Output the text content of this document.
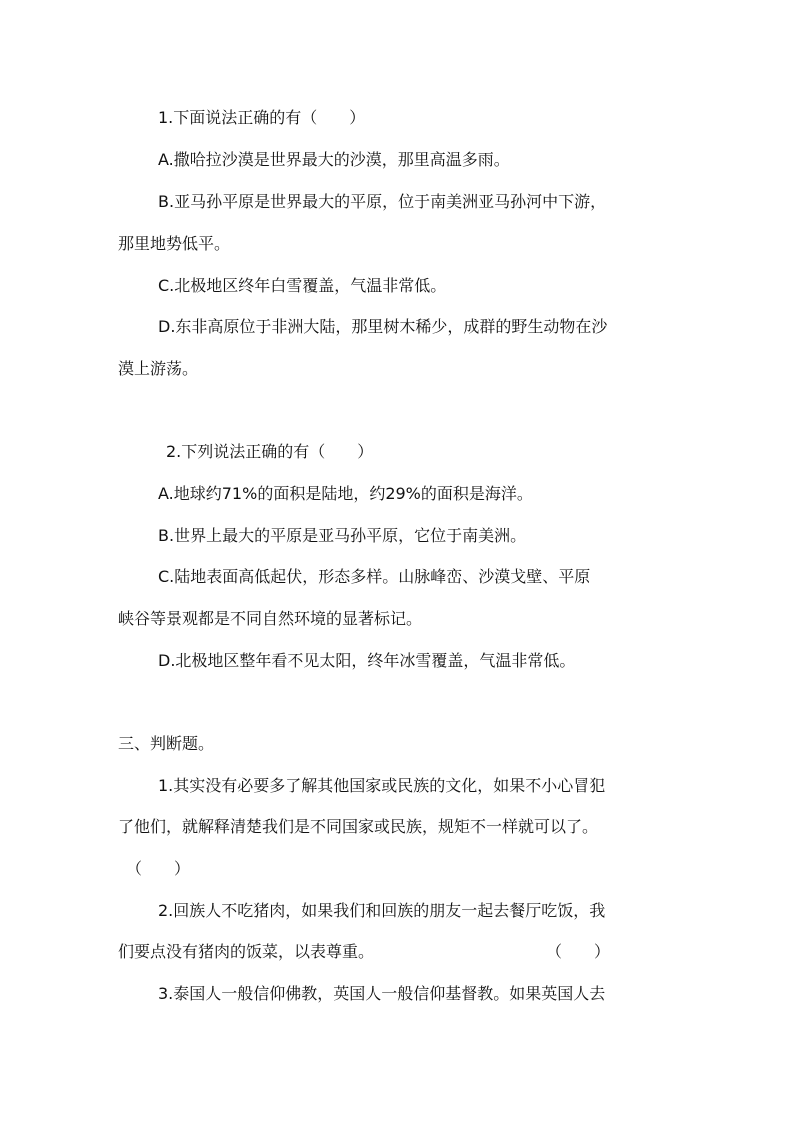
1.下面说法正确的有（　　）
A.撒哈拉沙漠是世界最大的沙漠，那里高温多雨。
B.亚马孙平原是世界最大的平原，位于南美洲亚马孙河中下游，
那里地势低平。
C.北极地区终年白雪覆盖，气温非常低。
D.东非高原位于非洲大陆，那里树木稀少，成群的野生动物在沙
漠上游荡。
2.下列说法正确的有（　　）
A.地球约71%的面积是陆地，约29%的面积是海洋。
B.世界上最大的平原是亚马孙平原，它位于南美洲。
C.陆地表面高低起伏，形态多样。山脉峰峦、沙漠戈壁、平原
峡谷等景观都是不同自然环境的显著标记。
D.北极地区整年看不见太阳，终年冰雪覆盖，气温非常低。
三、判断题。
1.其实没有必要多了解其他国家或民族的文化，如果不小心冒犯
了他们，就解释清楚我们是不同国家或民族，规矩不一样就可以了。
（　　）
2.回族人不吃猪肉，如果我们和回族的朋友一起去餐厅吃饭，我
们要点没有猪肉的饭菜，以表尊重。	（　　）
3.泰国人一般信仰佛教，英国人一般信仰基督教。如果英国人去
